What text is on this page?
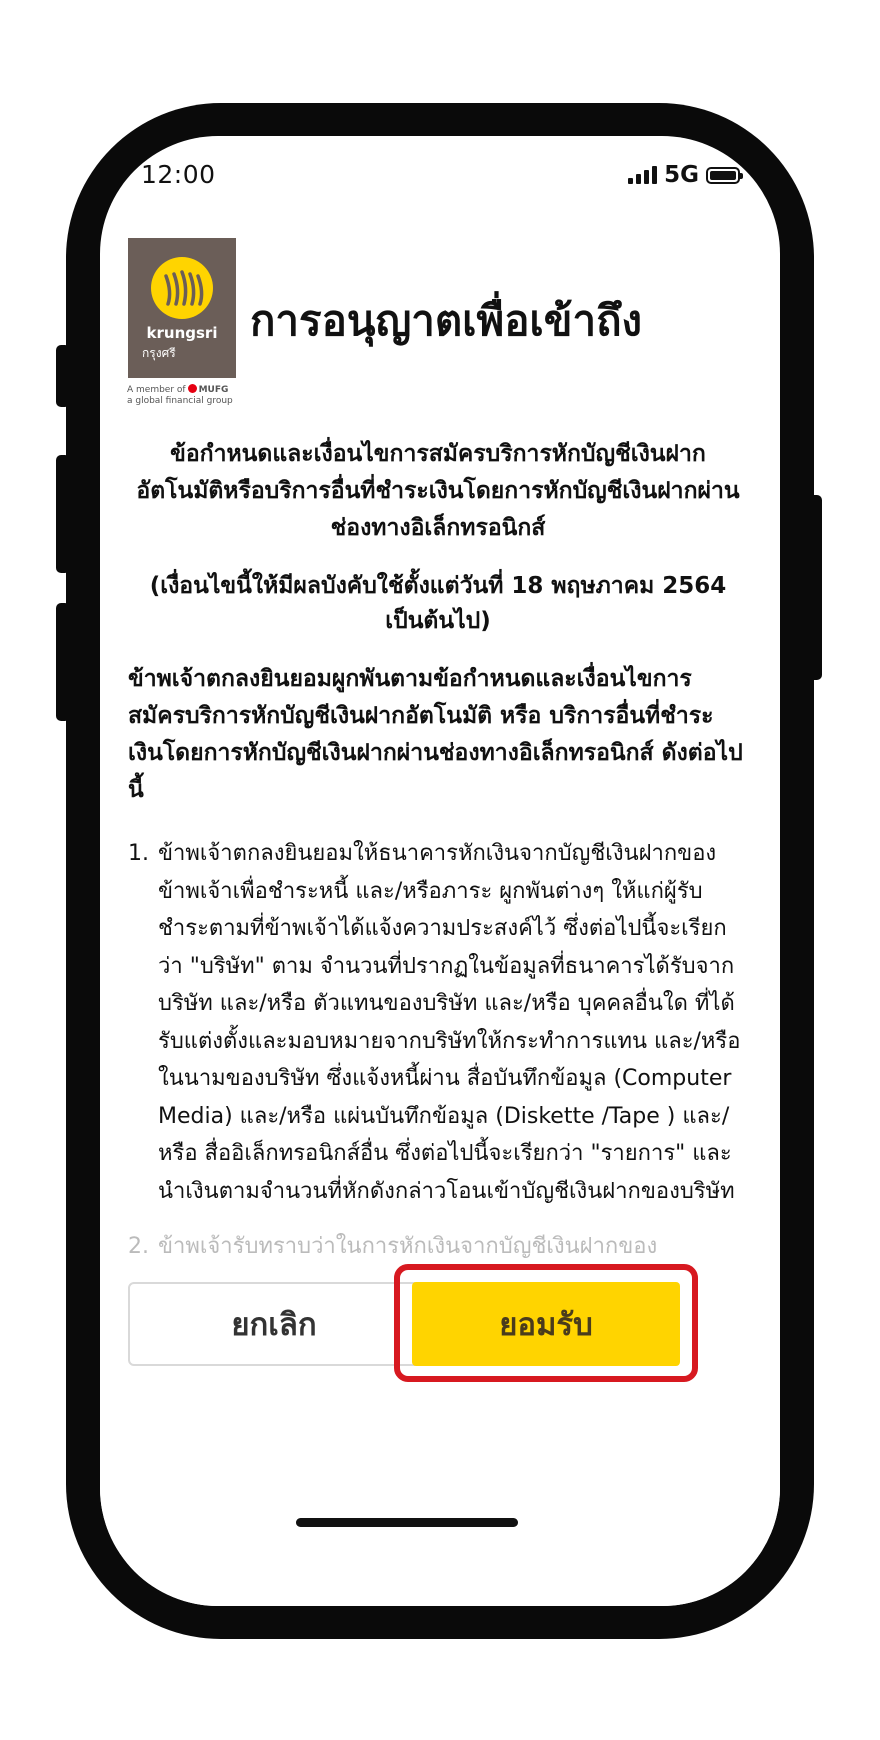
12:00	5G
krungsri
กรุงศรี
A member of MUFG
a global financial group
การอนุญาตเพื่อเข้าถึง
ข้อกำหนดและเงื่อนไขการสมัครบริการหักบัญชีเงินฝากอัตโนมัติหรือบริการอื่นที่ชำระเงินโดยการหักบัญชีเงินฝากผ่านช่องทางอิเล็กทรอนิกส์
(เงื่อนไขนี้ให้มีผลบังคับใช้ตั้งแต่วันที่ 18 พฤษภาคม 2564 เป็นต้นไป)
ข้าพเจ้าตกลงยินยอมผูกพันตามข้อกำหนดและเงื่อนไขการสมัครบริการหักบัญชีเงินฝากอัตโนมัติ หรือ บริการอื่นที่ชำระเงินโดยการหักบัญชีเงินฝากผ่านช่องทางอิเล็กทรอนิกส์ ดังต่อไปนี้
1. ข้าพเจ้าตกลงยินยอมให้ธนาคารหักเงินจากบัญชีเงินฝากของข้าพเจ้าเพื่อชำระหนี้ และ/หรือภาระ ผูกพันต่างๆ ให้แก่ผู้รับชำระตามที่ข้าพเจ้าได้แจ้งความประสงค์ไว้ ซึ่งต่อไปนี้จะเรียกว่า "บริษัท" ตาม จำนวนที่ปรากฏในข้อมูลที่ธนาคารได้รับจาก บริษัท และ/หรือ ตัวแทนของบริษัท และ/หรือ บุคคลอื่นใด ที่ได้รับแต่งตั้งและมอบหมายจากบริษัทให้กระทำการแทน และ/หรือในนามของบริษัท ซึ่งแจ้งหนี้ผ่าน สื่อบันทึกข้อมูล (Computer Media) และ/หรือ แผ่นบันทึกข้อมูล (Diskette /Tape ) และ/หรือ สื่ออิเล็กทรอนิกส์อื่น ซึ่งต่อไปนี้จะเรียกว่า "รายการ" และนำเงินตามจำนวนที่หักดังกล่าวโอนเข้าบัญชีเงินฝากของบริษัท
2. ข้าพเจ้ารับทราบว่าในการหักเงินจากบัญชีเงินฝากของ
ยกเลิก	ยอมรับ
